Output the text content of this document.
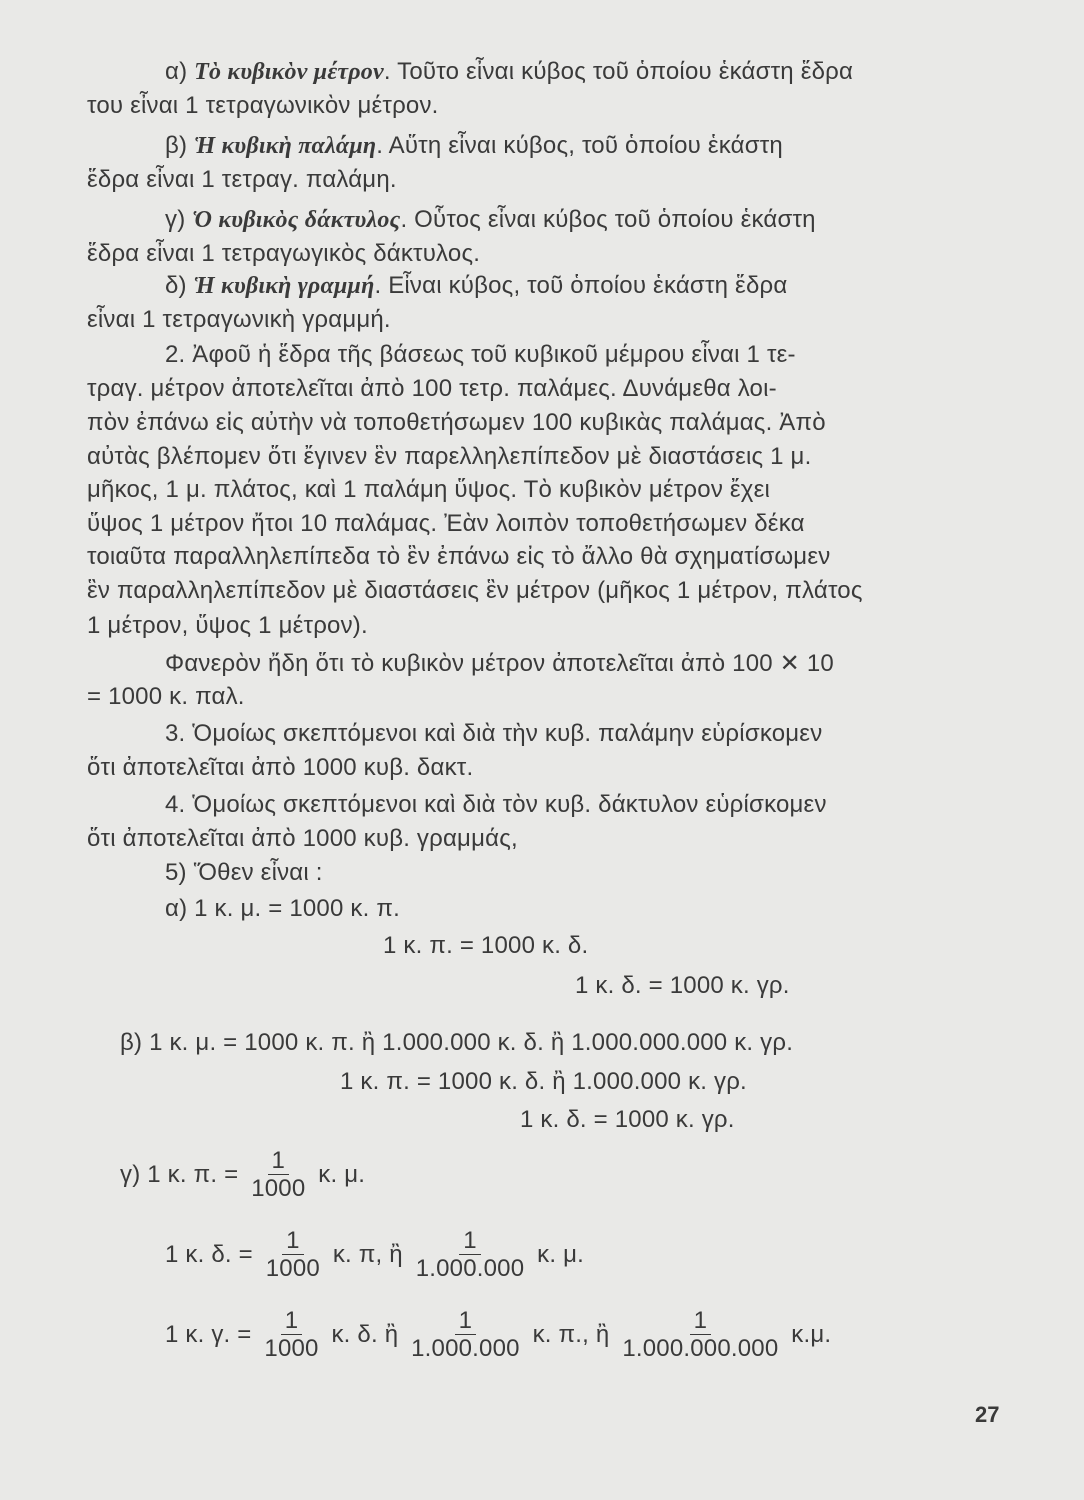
α) Τὸ κυβικὸν μέτρον. Τοῦτο εἶναι κύβος τοῦ ὁποίου ἑκάστη ἕδρα
του εἶναι 1 τετραγωνικὸν μέτρον.
β) Ἡ κυβικὴ παλάμη. Αὕτη εἶναι κύβος, τοῦ ὁποίου ἑκάστη
ἕδρα εἶναι 1 τετραγ. παλάμη.
γ) Ὁ κυβικὸς δάκτυλος. Οὗτος εἶναι κύβος τοῦ ὁποίου ἑκάστη
ἕδρα εἶναι 1 τετραγωγικὸς δάκτυλος.
δ) Ἡ κυβικὴ γραμμή. Εἶναι κύβος, τοῦ ὁποίου ἑκάστη ἕδρα
εἶναι 1 τετραγωνικὴ γραμμή.
2. Ἀφοῦ ἡ ἕδρα τῆς βάσεως τοῦ κυβικοῦ μέμρου εἶναι 1 τε-
τραγ. μέτρον ἀποτελεῖται ἀπὸ 100 τετρ. παλάμες. Δυνάμεθα λοι-
πὸν ἐπάνω εἰς αὐτὴν νὰ τοποθετήσωμεν 100 κυβικὰς παλάμας. Ἀπὸ
αὐτὰς βλέπομεν ὅτι ἔγινεν ἓν παρελληλεπίπεδον μὲ διαστάσεις 1 μ.
μῆκος, 1 μ. πλάτος, καὶ 1 παλάμη ὕψος. Τὸ κυβικὸν μέτρον ἔχει
ὕψος 1 μέτρον ἤτοι 10 παλάμας. Ἐὰν λοιπὸν τοποθετήσωμεν δέκα
τοιαῦτα παραλληλεπίπεδα τὸ ἓν ἐπάνω εἰς τὸ ἄλλο θὰ σχηματίσωμεν
ἓν παραλληλεπίπεδον μὲ διαστάσεις ἓν μέτρον (μῆκος 1 μέτρον, πλάτος
1 μέτρον, ὕψος 1 μέτρον).
Φανερὸν ἤδη ὅτι τὸ κυβικὸν μέτρον ἀποτελεῖται ἀπὸ 100 ✕ 10
= 1000 κ. παλ.
3. Ὁμοίως σκεπτόμενοι καὶ διὰ τὴν κυβ. παλάμην εὑρίσκομεν
ὅτι ἀποτελεῖται ἀπὸ 1000 κυβ. δακτ.
4. Ὁμοίως σκεπτόμενοι καὶ διὰ τὸν κυβ. δάκτυλον εὑρίσκομεν
ὅτι ἀποτελεῖται ἀπὸ 1000 κυβ. γραμμάς,
5) Ὅθεν εἶναι :
α) 1 κ. μ. = 1000 κ. π.
1 κ. π. = 1000 κ. δ.
1 κ. δ. = 1000 κ. γρ.
β) 1 κ. μ. = 1000 κ. π. ἢ 1.000.000 κ. δ. ἢ 1.000.000.000 κ. γρ.
1 κ. π. = 1000 κ. δ. ἢ 1.000.000 κ. γρ.
1 κ. δ. = 1000 κ. γρ.
γ) 1 κ. π. = $\frac{1}{1000} \kappa$. μ.
1 κ. δ. = $\frac{1}{1000} \kappa$. π, ἢ $\frac{1}{1.000.000} \kappa$. μ.
1 κ. γ. = $\frac{1}{1000} \kappa$. δ. ἢ $\frac{1}{1.000.000} \kappa$. π., ἢ $\frac{1}{1.000.000.000} \kappa.\mu$.
27
